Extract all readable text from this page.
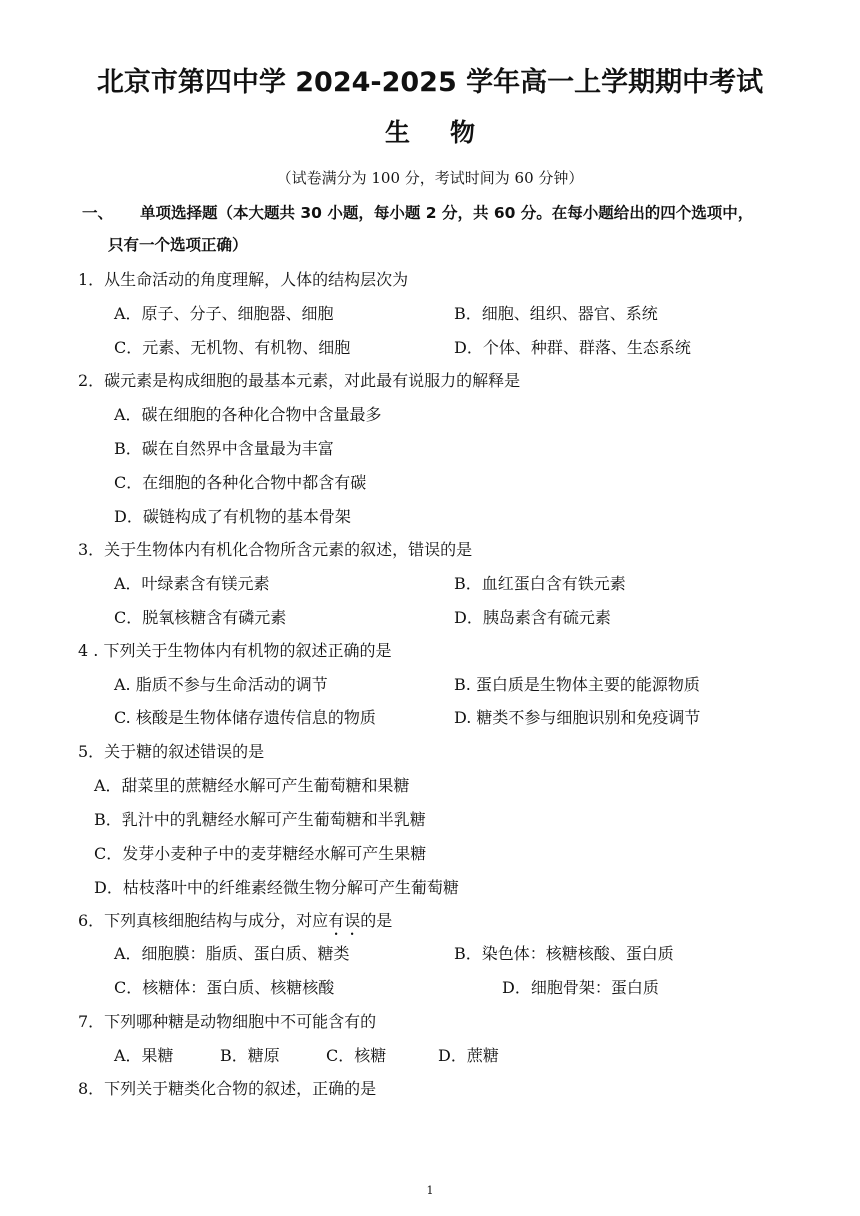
北京市第四中学 2024-2025 学年高一上学期期中考试
生物
（试卷满分为 100 分，考试时间为 60 分钟）
一、 单项选择题（本大题共 30 小题，每小题 2 分，共 60 分。在每小题给出的四个选项中，
只有一个选项正确）
1．从生命活动的角度理解，人体的结构层次为
A．原子、分子、细胞器、细胞	B．细胞、组织、器官、系统
C．元素、无机物、有机物、细胞	D．个体、种群、群落、生态系统
2．碳元素是构成细胞的最基本元素，对此最有说服力的解释是
A．碳在细胞的各种化合物中含量最多
B．碳在自然界中含量最为丰富
C．在细胞的各种化合物中都含有碳
D．碳链构成了有机物的基本骨架
3．关于生物体内有机化合物所含元素的叙述，错误的是
A．叶绿素含有镁元素	B．血红蛋白含有铁元素
C．脱氧核糖含有磷元素	D．胰岛素含有硫元素
4 . 下列关于生物体内有机物的叙述正确的是
A. 脂质不参与生命活动的调节	B. 蛋白质是生物体主要的能源物质
C. 核酸是生物体储存遗传信息的物质	D. 糖类不参与细胞识别和免疫调节
5．关于糖的叙述错误的是
A．甜菜里的蔗糖经水解可产生葡萄糖和果糖
B．乳汁中的乳糖经水解可产生葡萄糖和半乳糖
C．发芽小麦种子中的麦芽糖经水解可产生果糖
D．枯枝落叶中的纤维素经微生物分解可产生葡萄糖
6．下列真核细胞结构与成分，对应有误的是
A．细胞膜：脂质、蛋白质、糖类	B．染色体：核糖核酸、蛋白质
C．核糖体：蛋白质、核糖核酸	D．细胞骨架：蛋白质
7．下列哪种糖是动物细胞中不可能含有的
A．果糖	B．糖原	C．核糖	D．蔗糖
8．下列关于糖类化合物的叙述，正确的是
1
